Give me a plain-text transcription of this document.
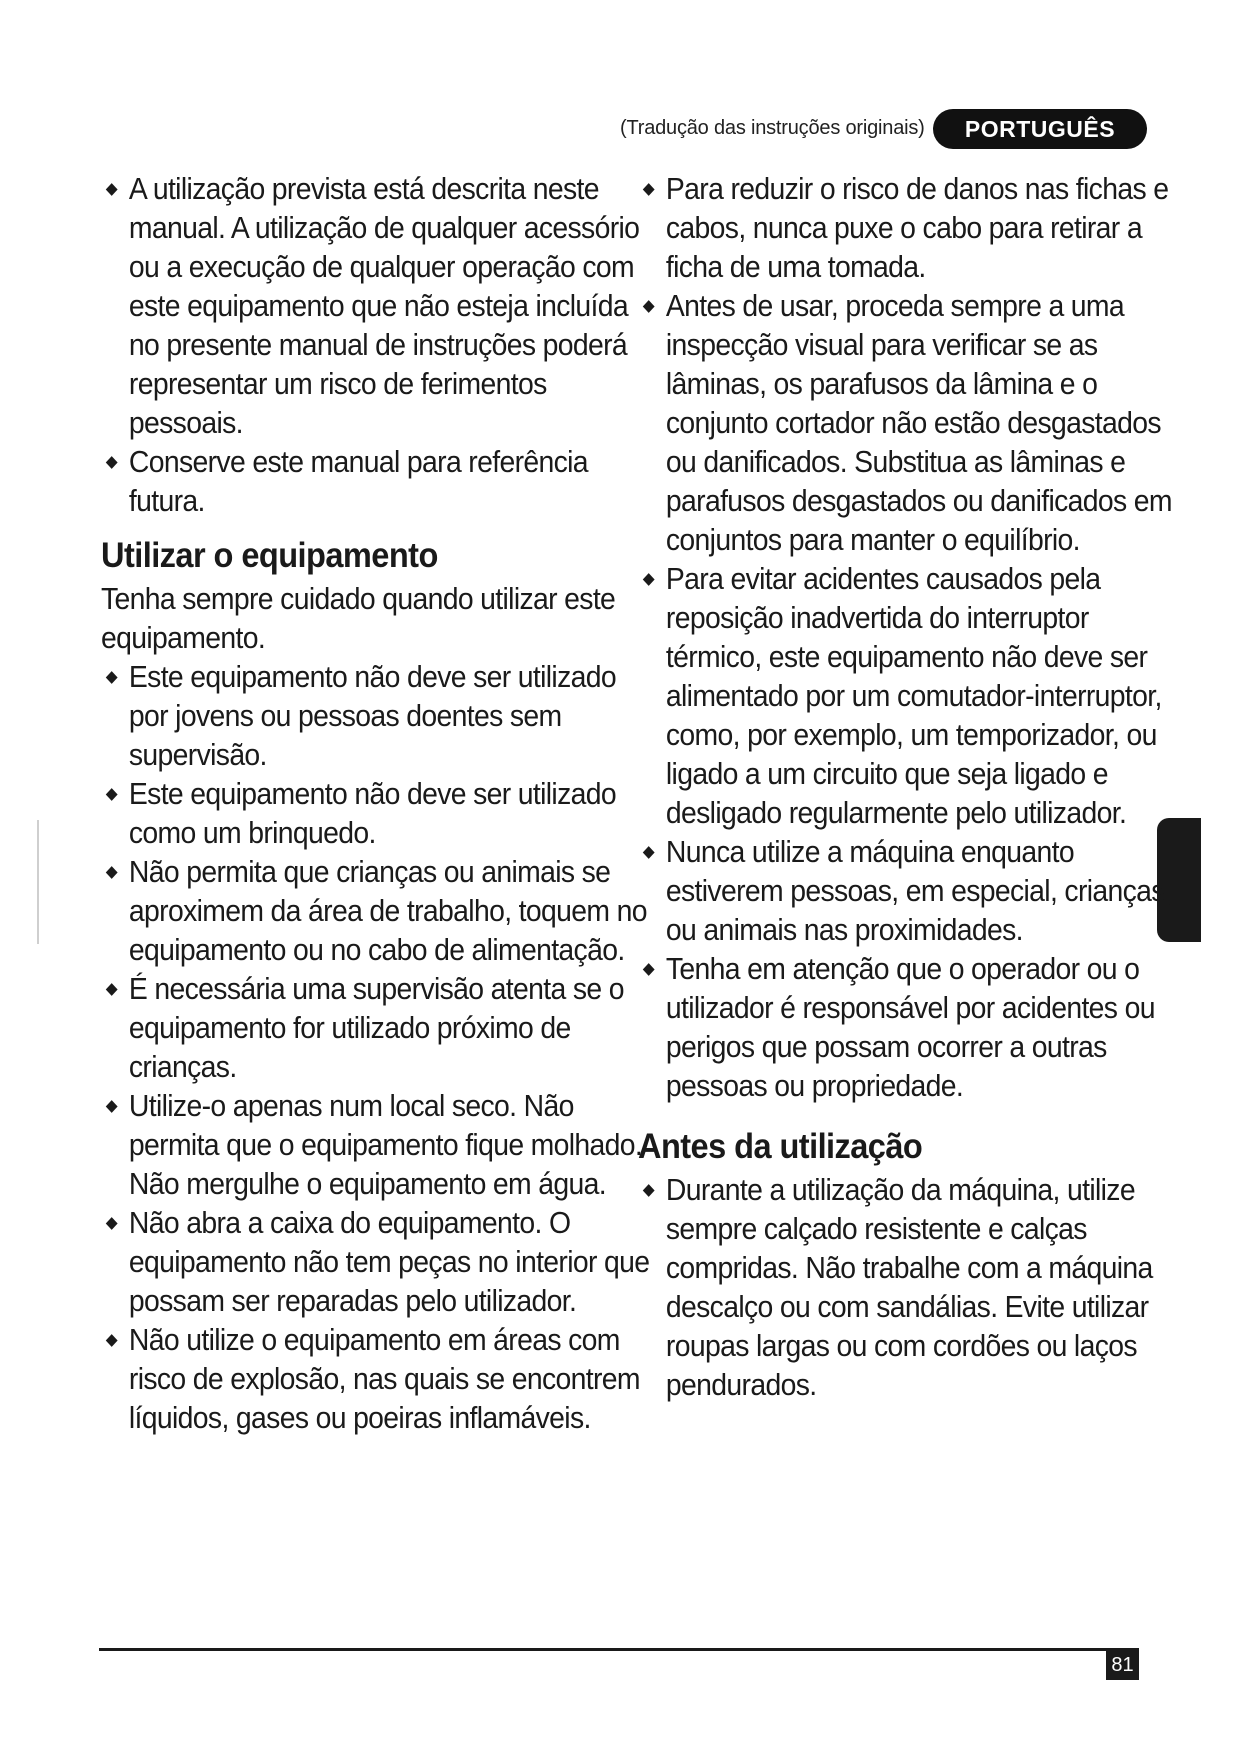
(Tradução das instruções originais)	PORTUGUÊS
A utilização prevista está descrita neste manual. A utilização de qualquer acessório ou a execução de qualquer operação com este equipamento que não esteja incluída no presente manual de instruções poderá representar um risco de ferimentos pessoais.
Conserve este manual para referência futura.
Utilizar o equipamento
Tenha sempre cuidado quando utilizar este equipamento.
Este equipamento não deve ser utilizado por jovens ou pessoas doentes sem supervisão.
Este equipamento não deve ser utilizado como um brinquedo.
Não permita que crianças ou animais se aproximem da área de trabalho, toquem no equipamento ou no cabo de alimentação.
É necessária uma supervisão atenta se o equipamento for utilizado próximo de crianças.
Utilize-o apenas num local seco. Não permita que o equipamento fique molhado. Não mergulhe o equipamento em água.
Não abra a caixa do equipamento. O equipamento não tem peças no interior que possam ser reparadas pelo utilizador.
Não utilize o equipamento em áreas com risco de explosão, nas quais se encontrem líquidos, gases ou poeiras inflamáveis.
Para reduzir o risco de danos nas fichas e cabos, nunca puxe o cabo para retirar a ficha de uma tomada.
Antes de usar, proceda sempre a uma inspecção visual para verificar se as lâminas, os parafusos da lâmina e o conjunto cortador não estão desgastados ou danificados. Substitua as lâminas e parafusos desgastados ou danificados em conjuntos para manter o equilíbrio.
Para evitar acidentes causados pela reposição inadvertida do interruptor térmico, este equipamento não deve ser alimentado por um comutador-interruptor, como, por exemplo, um temporizador, ou ligado a um circuito que seja ligado e desligado regularmente pelo utilizador.
Nunca utilize a máquina enquanto estiverem pessoas, em especial, crianças, ou animais nas proximidades.
Tenha em atenção que o operador ou o utilizador é responsável por acidentes ou perigos que possam ocorrer a outras pessoas ou propriedade.
Antes da utilização
Durante a utilização da máquina, utilize sempre calçado resistente e calças compridas. Não trabalhe com a máquina descalço ou com sandálias. Evite utilizar roupas largas ou com cordões ou laços pendurados.
81
